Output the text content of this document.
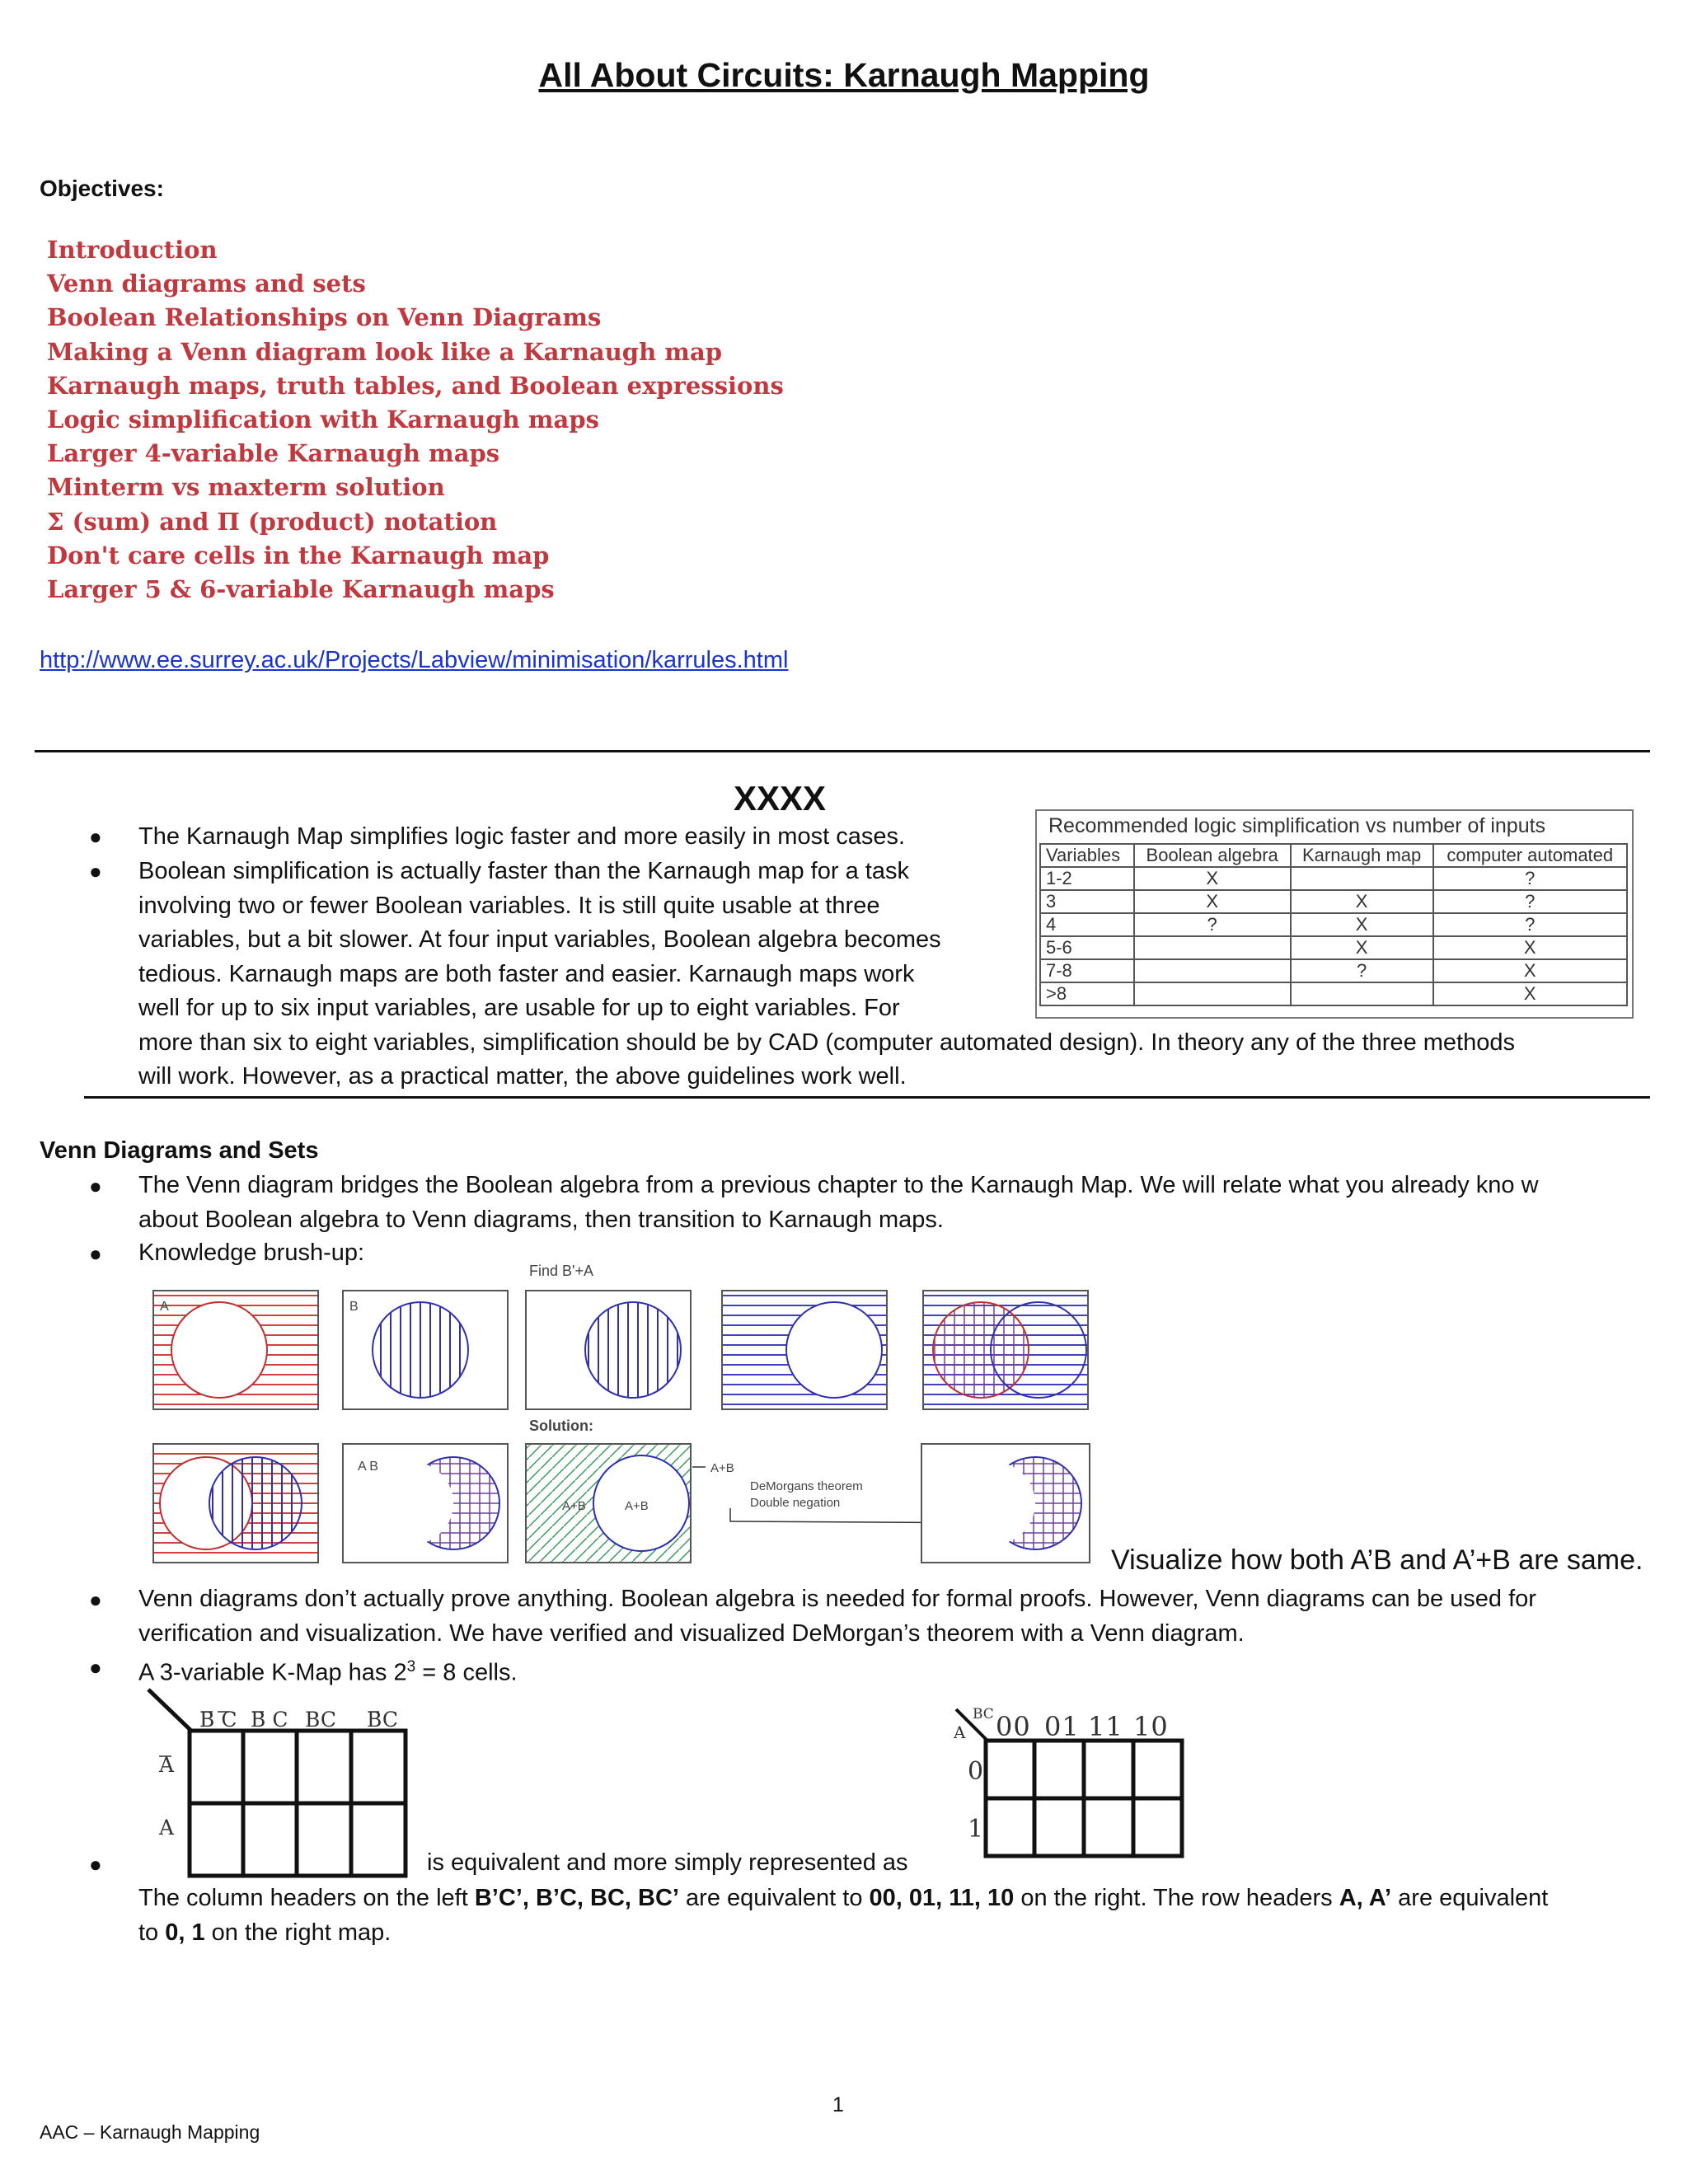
All About Circuits: Karnaugh Mapping
Objectives:
Introduction
Venn diagrams and sets
Boolean Relationships on Venn Diagrams
Making a Venn diagram look like a Karnaugh map
Karnaugh maps, truth tables, and Boolean expressions
Logic simplification with Karnaugh maps
Larger 4-variable Karnaugh maps
Minterm vs maxterm solution
Σ (sum) and Π (product) notation
Don't care cells in the Karnaugh map
Larger 5 & 6-variable Karnaugh maps
http://www.ee.surrey.ac.uk/Projects/Labview/minimisation/karrules.html
XXXX
● The Karnaugh Map simplifies logic faster and more easily in most cases.
● Boolean simplification is actually faster than the Karnaugh map for a task
involving two or fewer Boolean variables. It is still quite usable at three
variables, but a bit slower. At four input variables, Boolean algebra becomes
tedious. Karnaugh maps are both faster and easier. Karnaugh maps work
well for up to six input variables, are usable for up to eight variables. For
more than six to eight variables, simplification should be by CAD (computer automated design). In theory any of the three methods
will work. However, as a practical matter, the above guidelines work well.
Recommended logic simplification vs number of inputs
Variables	Boolean algebra	Karnaugh map	computer automated
1-2	X		?
3	X	X	?
4	?	X	?
5-6		X	X
7-8		?	X
>8			X
Venn Diagrams and Sets
● The Venn diagram bridges the Boolean algebra from a previous chapter to the Karnaugh Map. We will relate what you already kno w
about Boolean algebra to Venn diagrams, then transition to Karnaugh maps.
● Knowledge brush-up:
Find B'+A
Solution:
A	B
A B
A+B	A+B
A+B
DeMorgans theorem
Double negation
Visualize how both A’B and A’+B are same.
● Venn diagrams don’t actually prove anything. Boolean algebra is needed for formal proofs. However, Venn diagrams can be used for
verification and visualization. We have verified and visualized DeMorgan’s theorem with a Venn diagram.
● A 3-variable K-Map has $2^3 = 8$ cells.
B C B C BC BC
A
A
●	is equivalent and more simply represented as
BC
A 00 01 11 10
0
1
The column headers on the left B’C’, B’C, BC, BC’ are equivalent to 00, 01, 11, 10 on the right. The row headers A, A’ are equivalent
to 0, 1 on the right map.
1
AAC – Karnaugh Mapping
